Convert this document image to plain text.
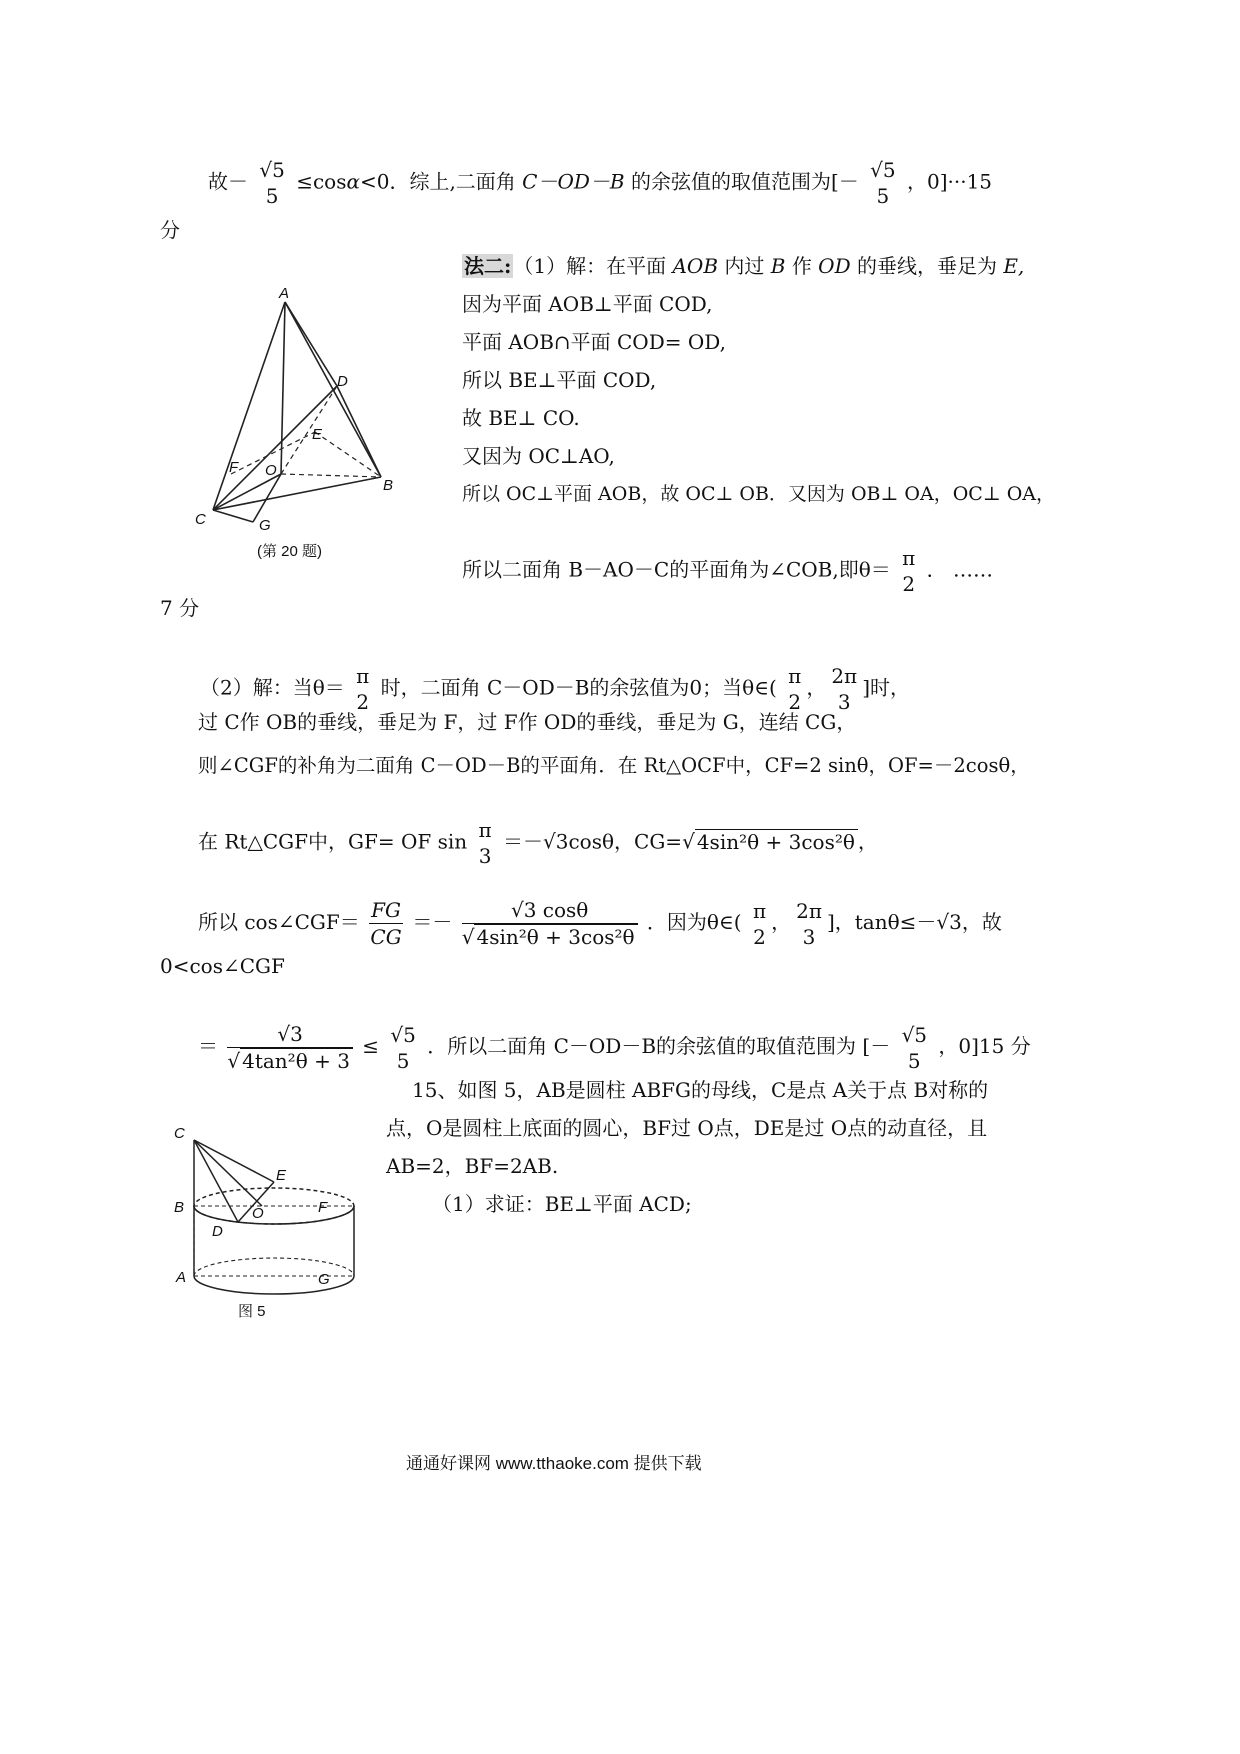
故－ √5
5
≤cosα<0．综上,二面角 C－OD－B 的余弦值的取值范围为[－ √5
5
，0]···15
分
A
D
E
F O
B
C	G
(第 20 题)
法二: （1）解：在平面 AOB 内过 B 作 OD 的垂线，垂足为 E,
因为平面 AOB⊥平面 COD,
平面 AOB∩平面 COD= OD,
所以 BE⊥平面 COD,
故 BE⊥ CO.
又因为 OC⊥AO,
所以 OC⊥平面 AOB，故 OC⊥ OB．又因为 OB⊥ OA，OC⊥ OA，
所以二面角 B－AO－C的平面角为∠COB,即θ＝ π
2
． ……
7 分
（2）解：当θ＝ π
2
时，二面角 C－OD－B的余弦值为0；当θ∈( π
2
， 2π
3
]时，
过 C作 OB的垂线，垂足为 F，过 F作 OD的垂线，垂足为 G，连结 CG，
则∠CGF的补角为二面角 C－OD－B的平面角．在 Rt△OCF中，CF=2 sinθ，OF=－2cosθ，
在 Rt△CGF中，GF= OF sin π
3
＝－√3cosθ，CG=√ 4sin²θ + 3cos²θ ，
所以 cos∠CGF＝ $\frac{FG}{CG} =- \frac{√3 \cos\theta}{\text{√ 4sin²θ + 3cos²θ}}$ ．因为θ∈( π
2
， 2π
3
]，tanθ≤－√3，故
0<cos∠CGF
＝ $\frac{√3}{\text{√ 4tan²θ + 3}} \le √5$
5
．所以二面角 C－OD－B的余弦值的取值范围为 [－ √5
5
，0]15 分
15、如图 5，AB是圆柱 ABFG的母线，C是点 A关于点 B对称的
点，O是圆柱上底面的圆心，BF过 O点，DE是过 O点的动直径，且
AB=2，BF=2AB.
（1）求证：BE⊥平面 ACD;
C
E
B	O	F
D
A	G
图 5
通通好课网 www.tthaoke.com 提供下载
